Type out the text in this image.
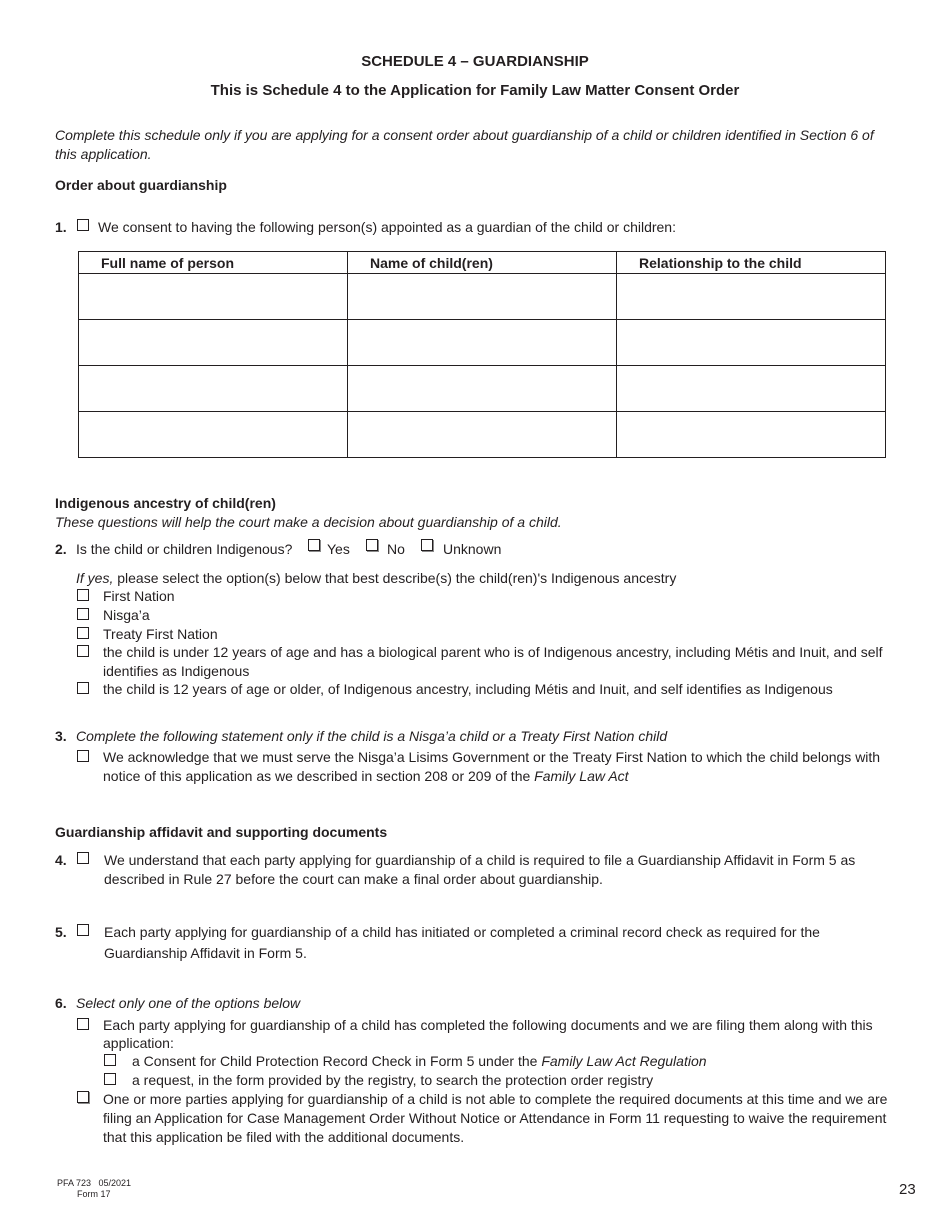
SCHEDULE 4 – GUARDIANSHIP
This is Schedule 4 to the Application for Family Law Matter Consent Order
Complete this schedule only if you are applying for a consent order about guardianship of a child or children identified in Section 6 of
this application.
Order about guardianship
1. We consent to having the following person(s) appointed as a guardian of the child or children:
Full name of person	Name of child(ren)	Relationship to the child

Indigenous ancestry of child(ren)
These questions will help the court make a decision about guardianship of a child.
2. Is the child or children Indigenous? Yes	No	Unknown
If yes, please select the option(s) below that best describe(s) the child(ren)'s Indigenous ancestry
First Nation
Nisga’a
Treaty First Nation
the child is under 12 years of age and has a biological parent who is of Indigenous ancestry, including Métis and Inuit, and self
identifies as Indigenous
the child is 12 years of age or older, of Indigenous ancestry, including Métis and Inuit, and self identifies as Indigenous
3. Complete the following statement only if the child is a Nisga’a child or a Treaty First Nation child
We acknowledge that we must serve the Nisga’a Lisims Government or the Treaty First Nation to which the child belongs with
notice of this application as we described in section 208 or 209 of the Family Law Act
Guardianship affidavit and supporting documents
4.	We understand that each party applying for guardianship of a child is required to file a Guardianship Affidavit in Form 5 as
described in Rule 27 before the court can make a final order about guardianship.
5.	Each party applying for guardianship of a child has initiated or completed a criminal record check as required for the
Guardianship Affidavit in Form 5.
6. Select only one of the options below
Each party applying for guardianship of a child has completed the following documents and we are filing them along with this
application:
a Consent for Child Protection Record Check in Form 5 under the Family Law Act Regulation
a request, in the form provided by the registry, to search the protection order registry
One or more parties applying for guardianship of a child is not able to complete the required documents at this time and we are
filing an Application for Case Management Order Without Notice or Attendance in Form 11 requesting to waive the requirement
that this application be filed with the additional documents.
PFA 723   05/2021
Form 17	23
